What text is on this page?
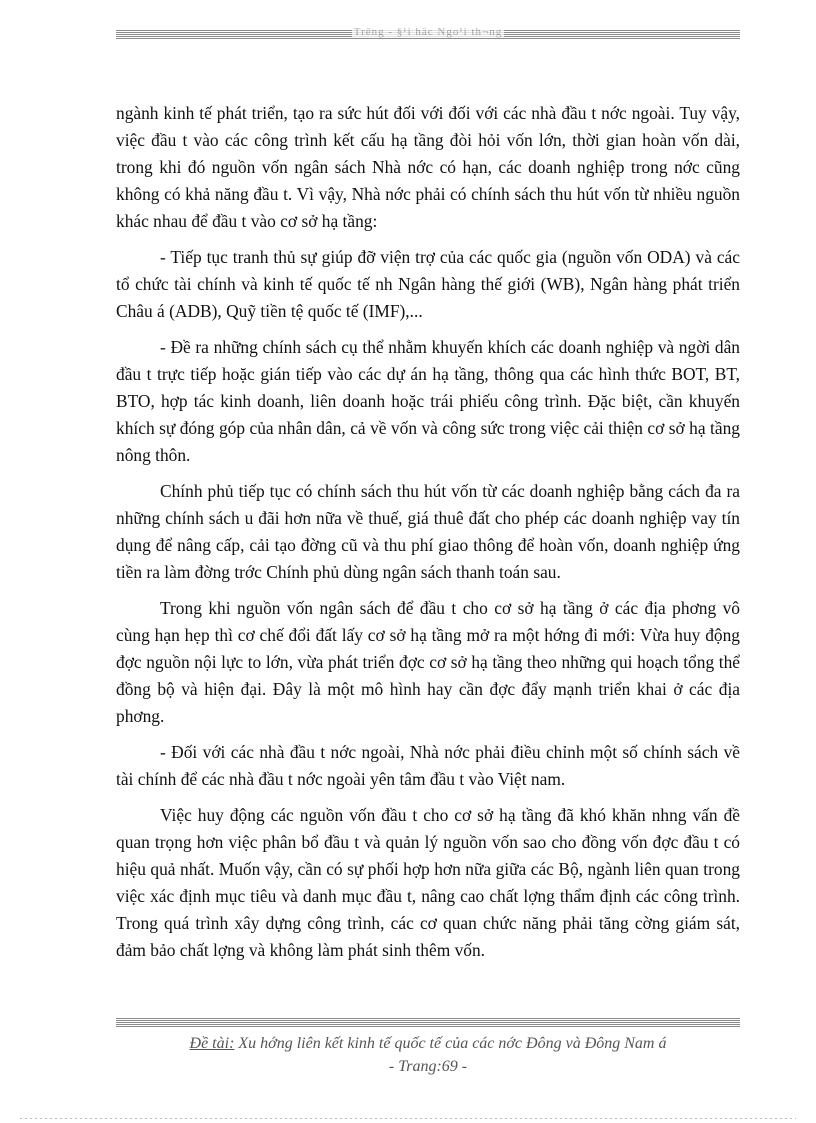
Trêng - §¹i häc Ngo¹i th¬ng

ngành kinh tế phát triển, tạo ra sức hút đối với đối với các nhà đầu t nớc ngoài. Tuy vậy, việc đầu t vào các công trình kết cấu hạ tầng đòi hỏi vốn lớn, thời gian hoàn vốn dài, trong khi đó nguồn vốn ngân sách Nhà nớc có hạn, các doanh nghiệp trong nớc cũng không có khả năng đầu t. Vì vậy, Nhà nớc phải có chính sách thu hút vốn từ nhiều nguồn khác nhau để đầu t vào cơ sở hạ tầng:

- Tiếp tục tranh thủ sự giúp đỡ viện trợ của các quốc gia (nguồn vốn ODA) và các tổ chức tài chính và kinh tế quốc tế nh Ngân hàng thế giới (WB), Ngân hàng phát triển Châu á (ADB), Quỹ tiền tệ quốc tế (IMF),...

- Đề ra những chính sách cụ thể nhằm khuyến khích các doanh nghiệp và ngời dân đầu t trực tiếp hoặc gián tiếp vào các dự án hạ tầng, thông qua các hình thức BOT, BT, BTO, hợp tác kinh doanh, liên doanh hoặc trái phiếu công trình. Đặc biệt, cần khuyến khích sự đóng góp của nhân dân, cả về vốn và công sức trong việc cải thiện cơ sở hạ tầng nông thôn.

Chính phủ tiếp tục có chính sách thu hút vốn từ các doanh nghiệp bằng cách đa ra những chính sách u đãi hơn nữa về thuế, giá thuê đất cho phép các doanh nghiệp vay tín dụng để nâng cấp, cải tạo đờng cũ và thu phí giao thông để hoàn vốn, doanh nghiệp ứng tiền ra làm đờng trớc Chính phủ dùng ngân sách thanh toán sau.

Trong khi nguồn vốn ngân sách để đầu t cho cơ sở hạ tầng ở các địa phơng vô cùng hạn hẹp thì cơ chế đổi đất lấy cơ sở hạ tầng mở ra một hớng đi mới: Vừa huy động đợc nguồn nội lực to lớn, vừa phát triển đợc cơ sở hạ tầng theo những qui hoạch tổng thể đồng bộ và hiện đại. Đây là một mô hình hay cần đợc đẩy mạnh triển khai ở các địa phơng.

- Đối với các nhà đầu t nớc ngoài, Nhà nớc phải điều chỉnh một số chính sách về tài chính để các nhà đầu t nớc ngoài yên tâm đầu t vào Việt nam.

Việc huy động các nguồn vốn đầu t cho cơ sở hạ tầng đã khó khăn nhng vấn đề quan trọng hơn việc phân bổ đầu t và quản lý nguồn vốn sao cho đồng vốn đợc đầu t có hiệu quả nhất. Muốn vậy, cần có sự phối hợp hơn nữa giữa các Bộ, ngành liên quan trong việc xác định mục tiêu và danh mục đầu t, nâng cao chất lợng thẩm định các công trình. Trong quá trình xây dựng công trình, các cơ quan chức năng phải tăng cờng giám sát, đảm bảo chất lợng và không làm phát sinh thêm vốn.

Đề tài: Xu hớng liên kết kinh tế quốc tế của các nớc Đông và Đông Nam á
- Trang:69 -
